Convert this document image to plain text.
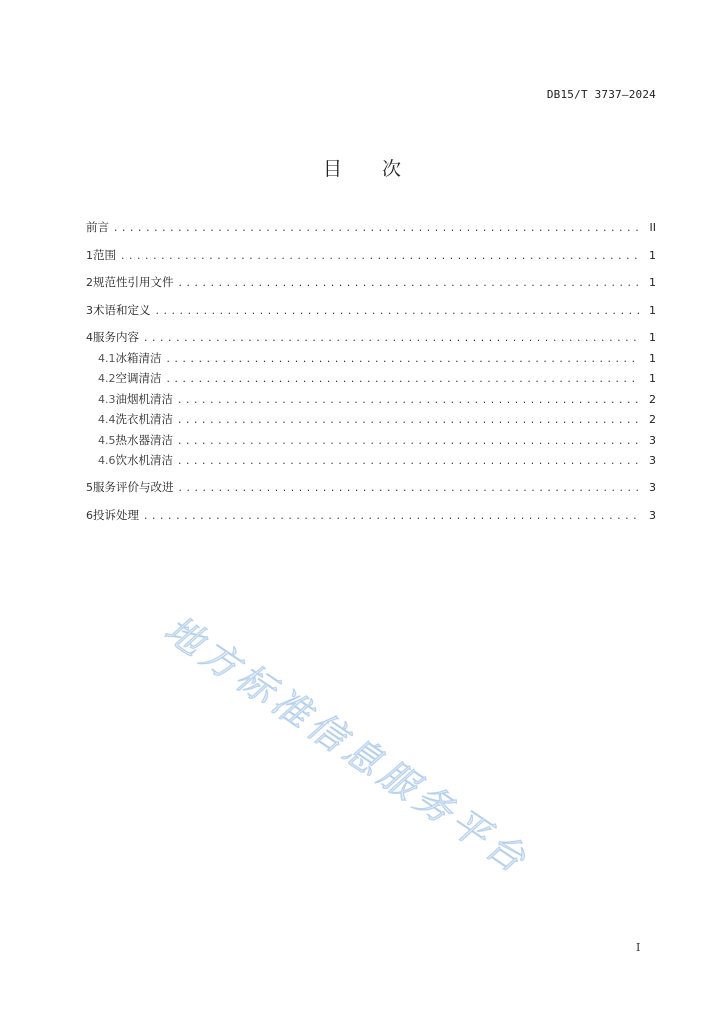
DB15/T 3737—2024
目 次
前言 .....	II
1 范围 .....	1
2 规范性引用文件 .....	1
3 术语和定义 .....	1
4 服务内容 .....	1
4.1 冰箱清洁 .....	1
4.2 空调清洁 .....	1
4.3 油烟机清洁 .....	2
4.4 洗衣机清洁 .....	2
4.5 热水器清洁 .....	3
4.6 饮水机清洁 .....	3
5 服务评价与改进 .....	3
6 投诉处理 .....	3
地方标准信息服务平台
I
